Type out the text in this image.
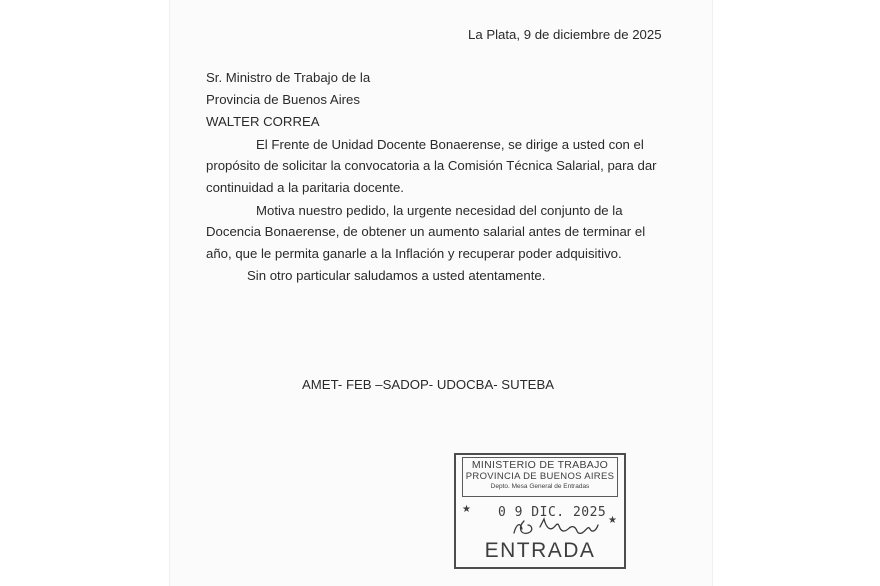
La Plata, 9 de diciembre de 2025
Sr. Ministro de Trabajo de la
Provincia de Buenos Aires
WALTER CORREA
El Frente de Unidad Docente Bonaerense, se dirige a usted con el
propósito de solicitar la convocatoria a la Comisión Técnica Salarial, para dar
continuidad a la paritaria docente.
Motiva nuestro pedido, la urgente necesidad del conjunto de la
Docencia Bonaerense, de obtener un aumento salarial antes de terminar el
año, que le permita ganarle a la Inflación y recuperar poder adquisitivo.
Sin otro particular saludamos a usted atentamente.
AMET- FEB –SADOP- UDOCBA- SUTEBA
MINISTERIO DE TRABAJO
PROVINCIA DE BUENOS AIRES
Depto. Mesa General de Entradas
★
★
0 9 DIC. 2025
ENTRADA
